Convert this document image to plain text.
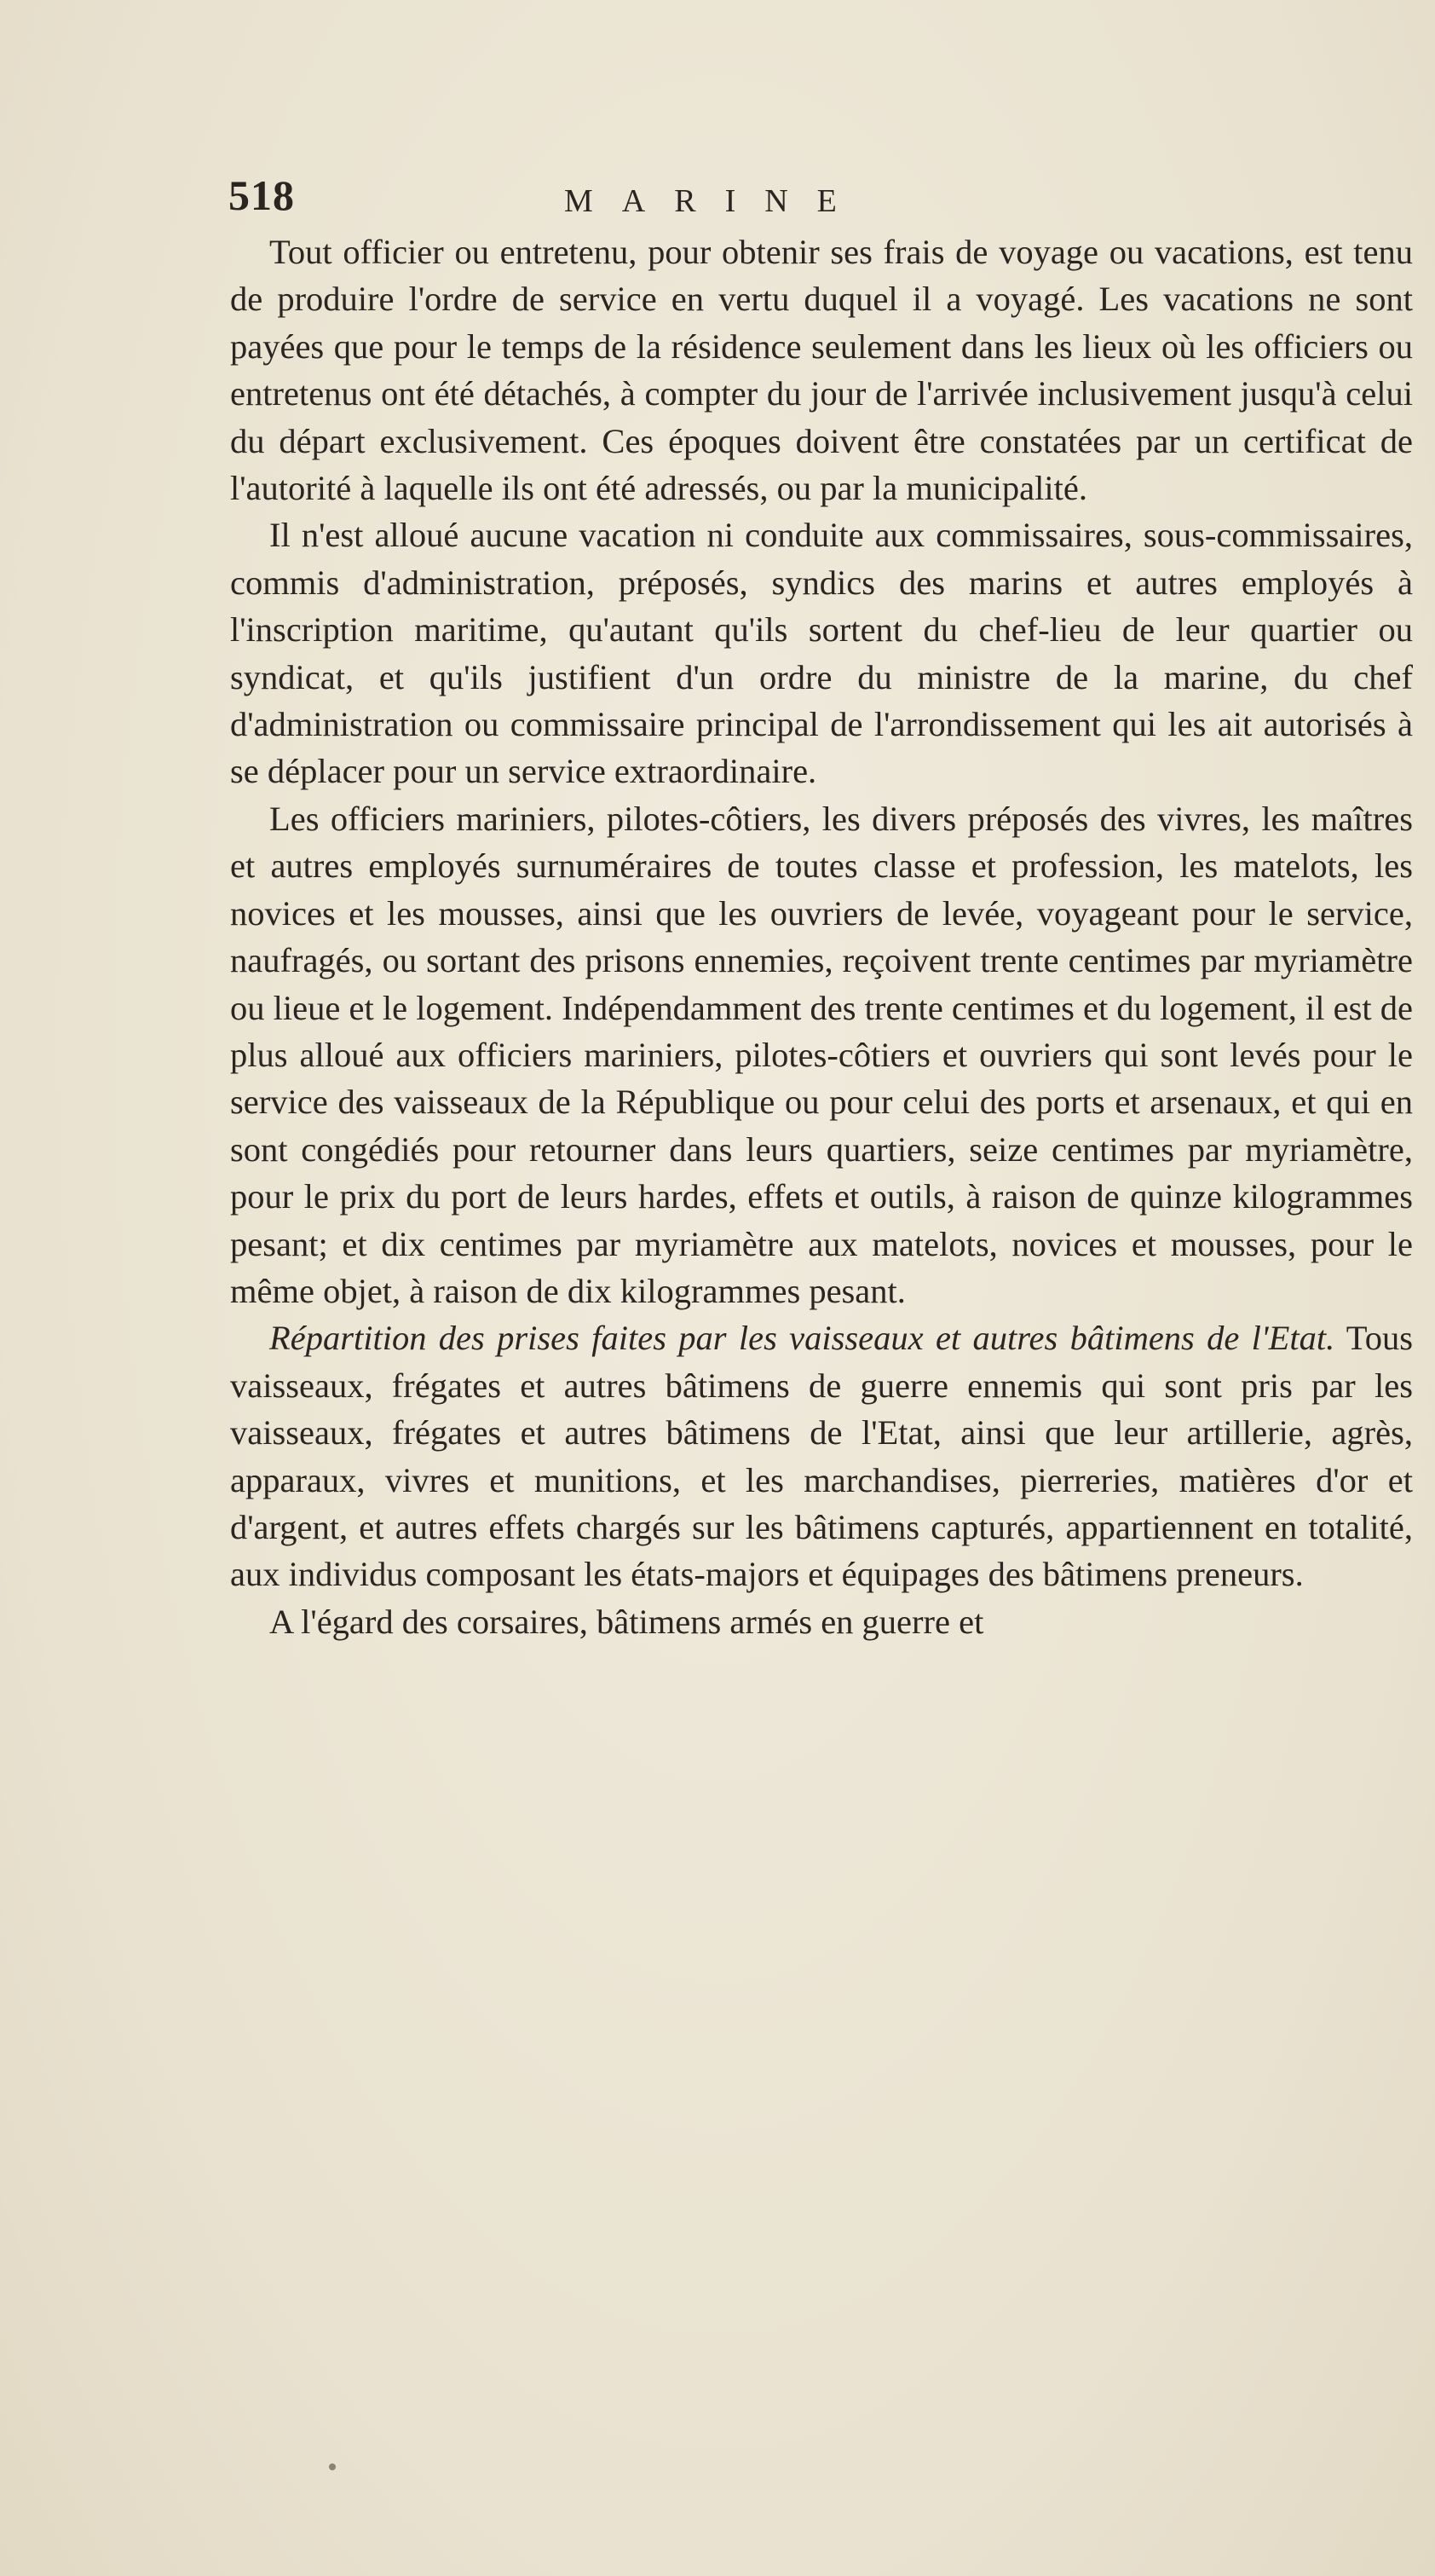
518	MARINE

Tout officier ou entretenu, pour obtenir ses frais de voyage ou vacations, est tenu de produire l'ordre de service en vertu duquel il a voyagé. Les vacations ne sont payées que pour le temps de la résidence seulement dans les lieux où les officiers ou entretenus ont été détachés, à compter du jour de l'arrivée inclusivement jusqu'à celui du départ exclusivement. Ces époques doivent être constatées par un certificat de l'autorité à laquelle ils ont été adressés, ou par la municipalité.

Il n'est alloué aucune vacation ni conduite aux commissaires, sous-commissaires, commis d'administration, préposés, syndics des marins et autres employés à l'inscription maritime, qu'autant qu'ils sortent du chef-lieu de leur quartier ou syndicat, et qu'ils justifient d'un ordre du ministre de la marine, du chef d'administration ou commissaire principal de l'arrondissement qui les ait autorisés à se déplacer pour un service extraordinaire.

Les officiers mariniers, pilotes-côtiers, les divers préposés des vivres, les maîtres et autres employés surnuméraires de toutes classe et profession, les matelots, les novices et les mousses, ainsi que les ouvriers de levée, voyageant pour le service, naufragés, ou sortant des prisons ennemies, reçoivent trente centimes par myriamètre ou lieue et le logement. Indépendamment des trente centimes et du logement, il est de plus alloué aux officiers mariniers, pilotes-côtiers et ouvriers qui sont levés pour le service des vaisseaux de la République ou pour celui des ports et arsenaux, et qui en sont congédiés pour retourner dans leurs quartiers, seize centimes par myriamètre, pour le prix du port de leurs hardes, effets et outils, à raison de quinze kilogrammes pesant; et dix centimes par myriamètre aux matelots, novices et mousses, pour le même objet, à raison de dix kilogrammes pesant.

Répartition des prises faites par les vaisseaux et autres bâtimens de l'Etat. Tous vaisseaux, frégates et autres bâtimens de guerre ennemis qui sont pris par les vaisseaux, frégates et autres bâtimens de l'Etat, ainsi que leur artillerie, agrès, apparaux, vivres et munitions, et les marchandises, pierreries, matières d'or et d'argent, et autres effets chargés sur les bâtimens capturés, appartiennent en totalité, aux individus composant les états-majors et équipages des bâtimens preneurs.

A l'égard des corsaires, bâtimens armés en guerre et
